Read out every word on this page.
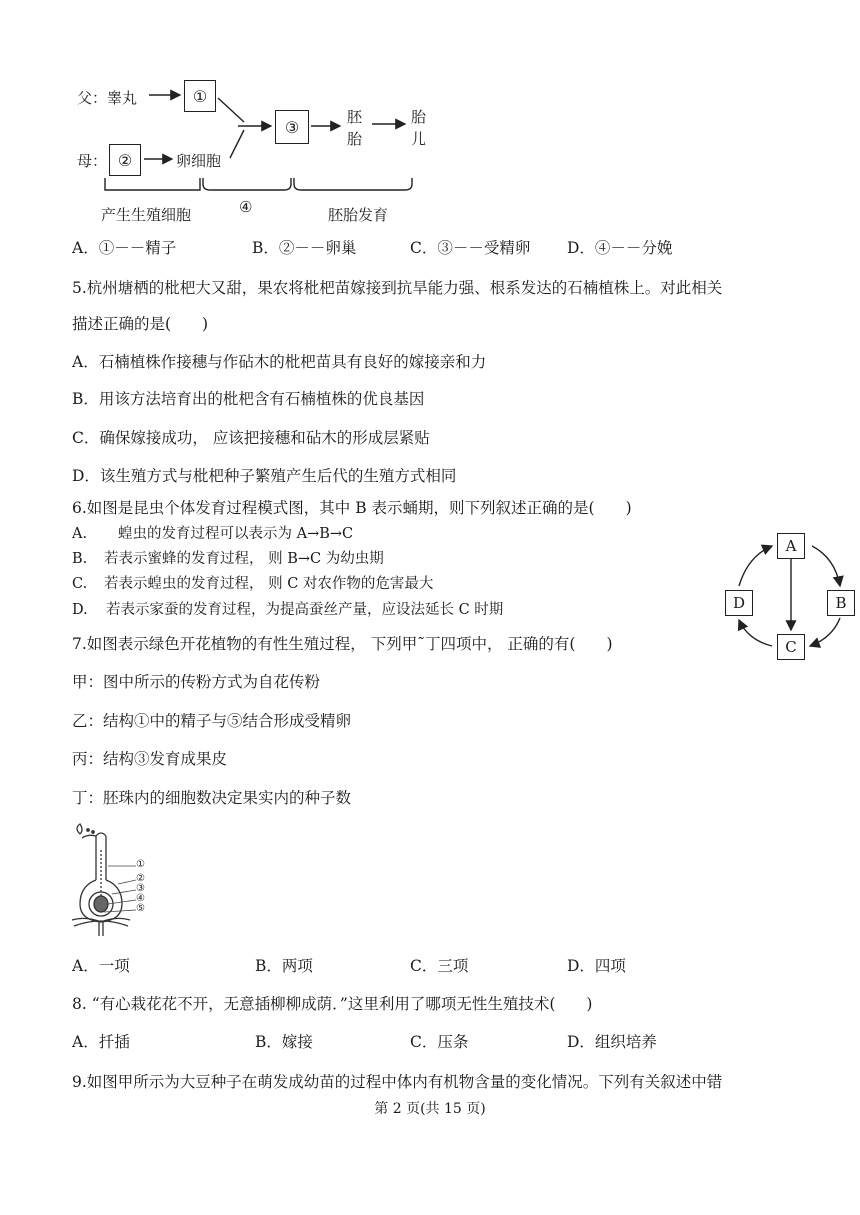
父：睾丸
母：
①
②
③
卵细胞
胚
胎
胎
儿
产生生殖细胞	④	胚胎发育
A．①－－精子	B．②－－卵巢	C．③－－受精卵 D．④－－分娩
5.杭州塘栖的枇杷大又甜，果农将枇杷苗嫁接到抗旱能力强、根系发达的石楠植株上。对此相关
描述正确的是(　　)
A．石楠植株作接穗与作砧木的枇杷苗具有良好的嫁接亲和力
B．用该方法培育出的枇杷含有石楠植株的优良基因
C．确保嫁接成功， 应该把接穗和砧木的形成层紧贴
D．该生殖方式与枇杷种子繁殖产生后代的生殖方式相同
6.如图是昆虫个体发育过程模式图，其中 B 表示蛹期，则下列叙述正确的是(　　)
A. 蝗虫的发育过程可以表示为 A→B→C
B. 若表示蜜蜂的发育过程， 则 B→C 为幼虫期
C. 若表示蝗虫的发育过程， 则 C 对农作物的危害最大
D. 若表示家蚕的发育过程，为提高蚕丝产量，应设法延长 C 时期
A
B
C
D
7.如图表示绿色开花植物的有性生殖过程， 下列甲˜丁四项中， 正确的有(　　)
甲：图中所示的传粉方式为自花传粉
乙：结构①中的精子与⑤结合形成受精卵
丙：结构③发育成果皮
丁：胚珠内的细胞数决定果实内的种子数
①
②
③
④
⑤
A．一项	B．两项	C．三项	D．四项
8. “有心栽花花不开，无意插柳柳成荫．”这里利用了哪项无性生殖技术(　　)
A．扦插	B．嫁接	C．压条	D．组织培养
9.如图甲所示为大豆种子在萌发成幼苗的过程中体内有机物含量的变化情况。下列有关叙述中错
第 2 页(共 15 页)
